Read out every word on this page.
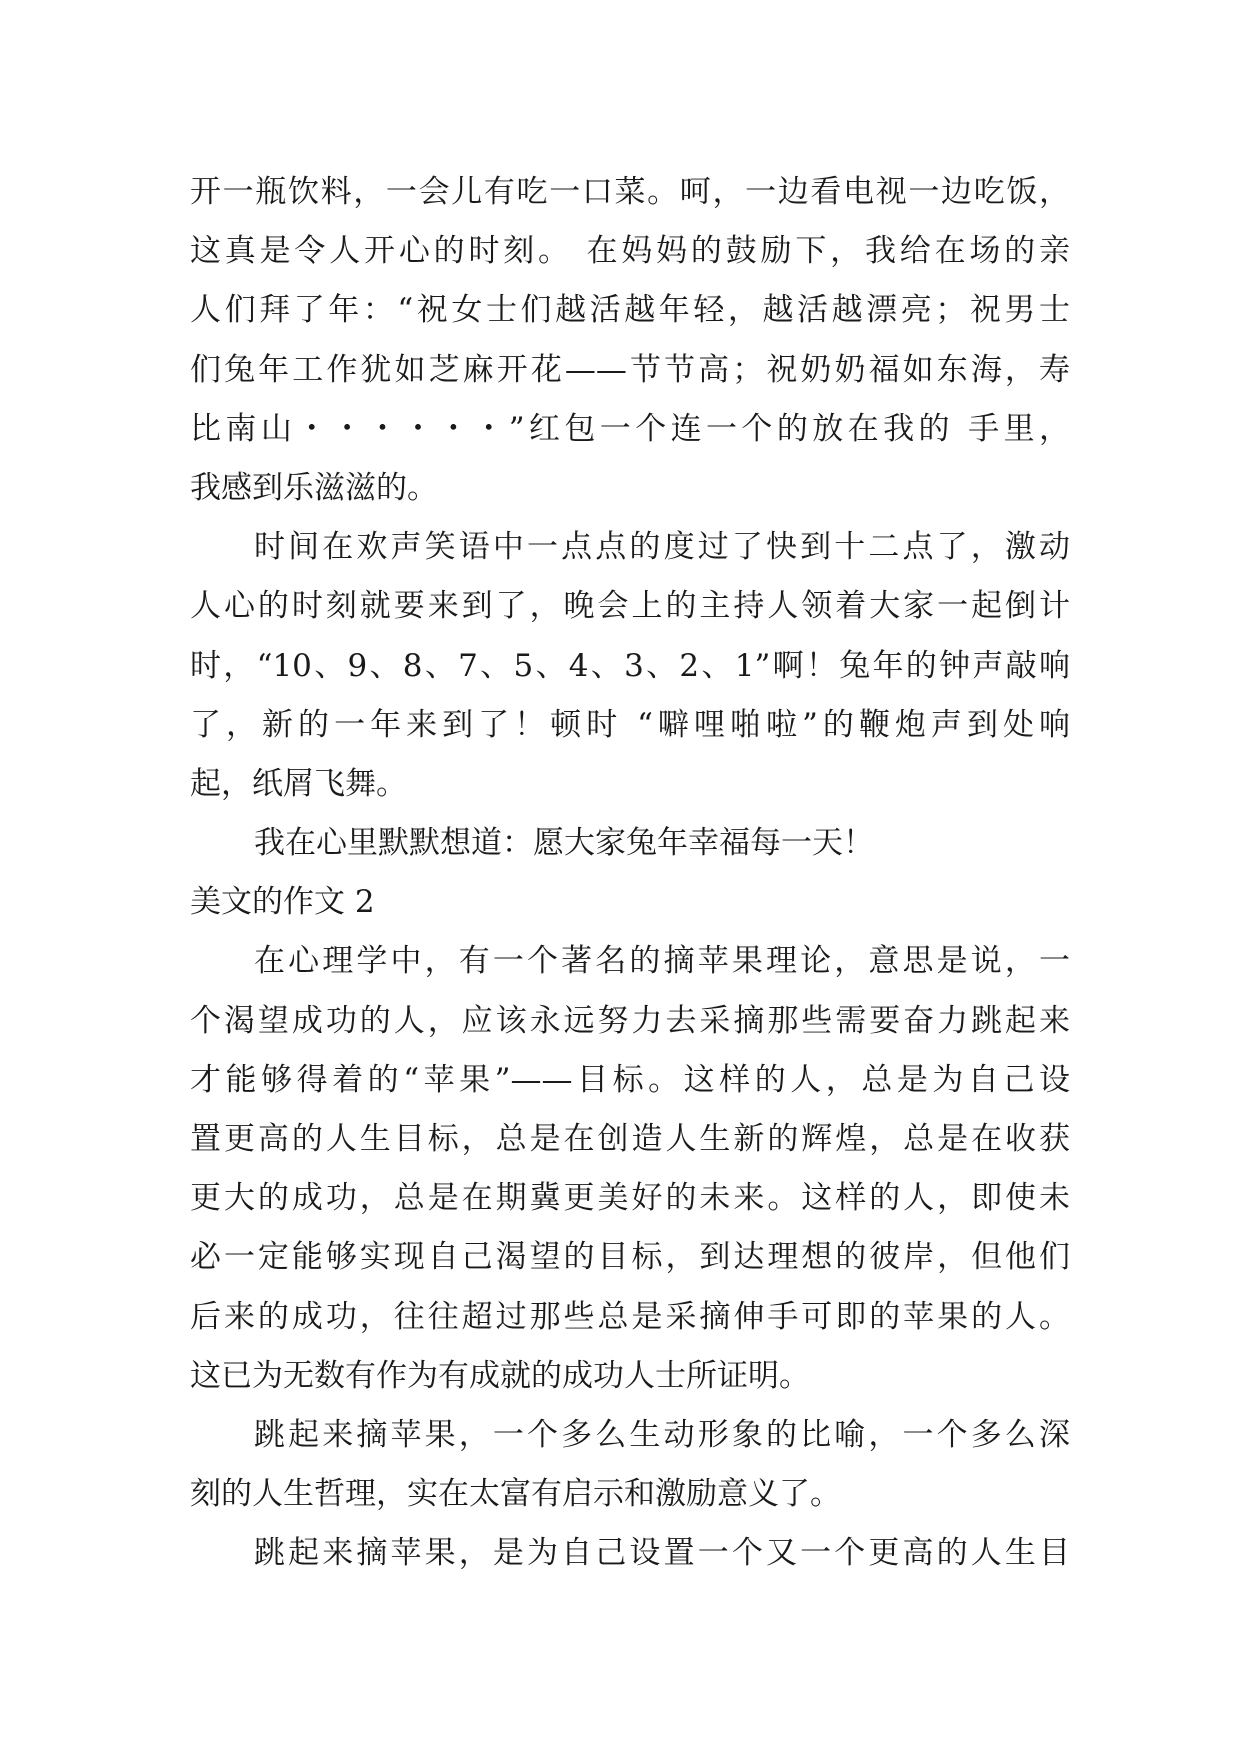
开一瓶饮料，一会儿有吃一口菜。呵，一边看电视一边吃饭，
这真是令人开心的时刻。 在妈妈的鼓励下，我给在场的亲
人们拜了年：“祝女士们越活越年轻，越活越漂亮；祝男士
们兔年工作犹如芝麻开花——节节高；祝奶奶福如东海，寿
比南山・・・・・・”红包一个连一个的放在我的 手里，
我感到乐滋滋的。
时间在欢声笑语中一点点的度过了快到十二点了，激动
人心的时刻就要来到了，晚会上的主持人领着大家一起倒计
时，“10、9、8、7、5、4、3、2、1”啊！兔年的钟声敲响
了，新的一年来到了！顿时 “噼哩啪啦”的鞭炮声到处响
起，纸屑飞舞。
我在心里默默想道：愿大家兔年幸福每一天！
美文的作文 2
在心理学中，有一个著名的摘苹果理论，意思是说，一
个渴望成功的人，应该永远努力去采摘那些需要奋力跳起来
才能够得着的“苹果”——目标。这样的人，总是为自己设
置更高的人生目标，总是在创造人生新的辉煌，总是在收获
更大的成功，总是在期冀更美好的未来。这样的人，即使未
必一定能够实现自己渴望的目标，到达理想的彼岸，但他们
后来的成功，往往超过那些总是采摘伸手可即的苹果的人。
这已为无数有作为有成就的成功人士所证明。
跳起来摘苹果，一个多么生动形象的比喻，一个多么深
刻的人生哲理，实在太富有启示和激励意义了。
跳起来摘苹果，是为自己设置一个又一个更高的人生目
